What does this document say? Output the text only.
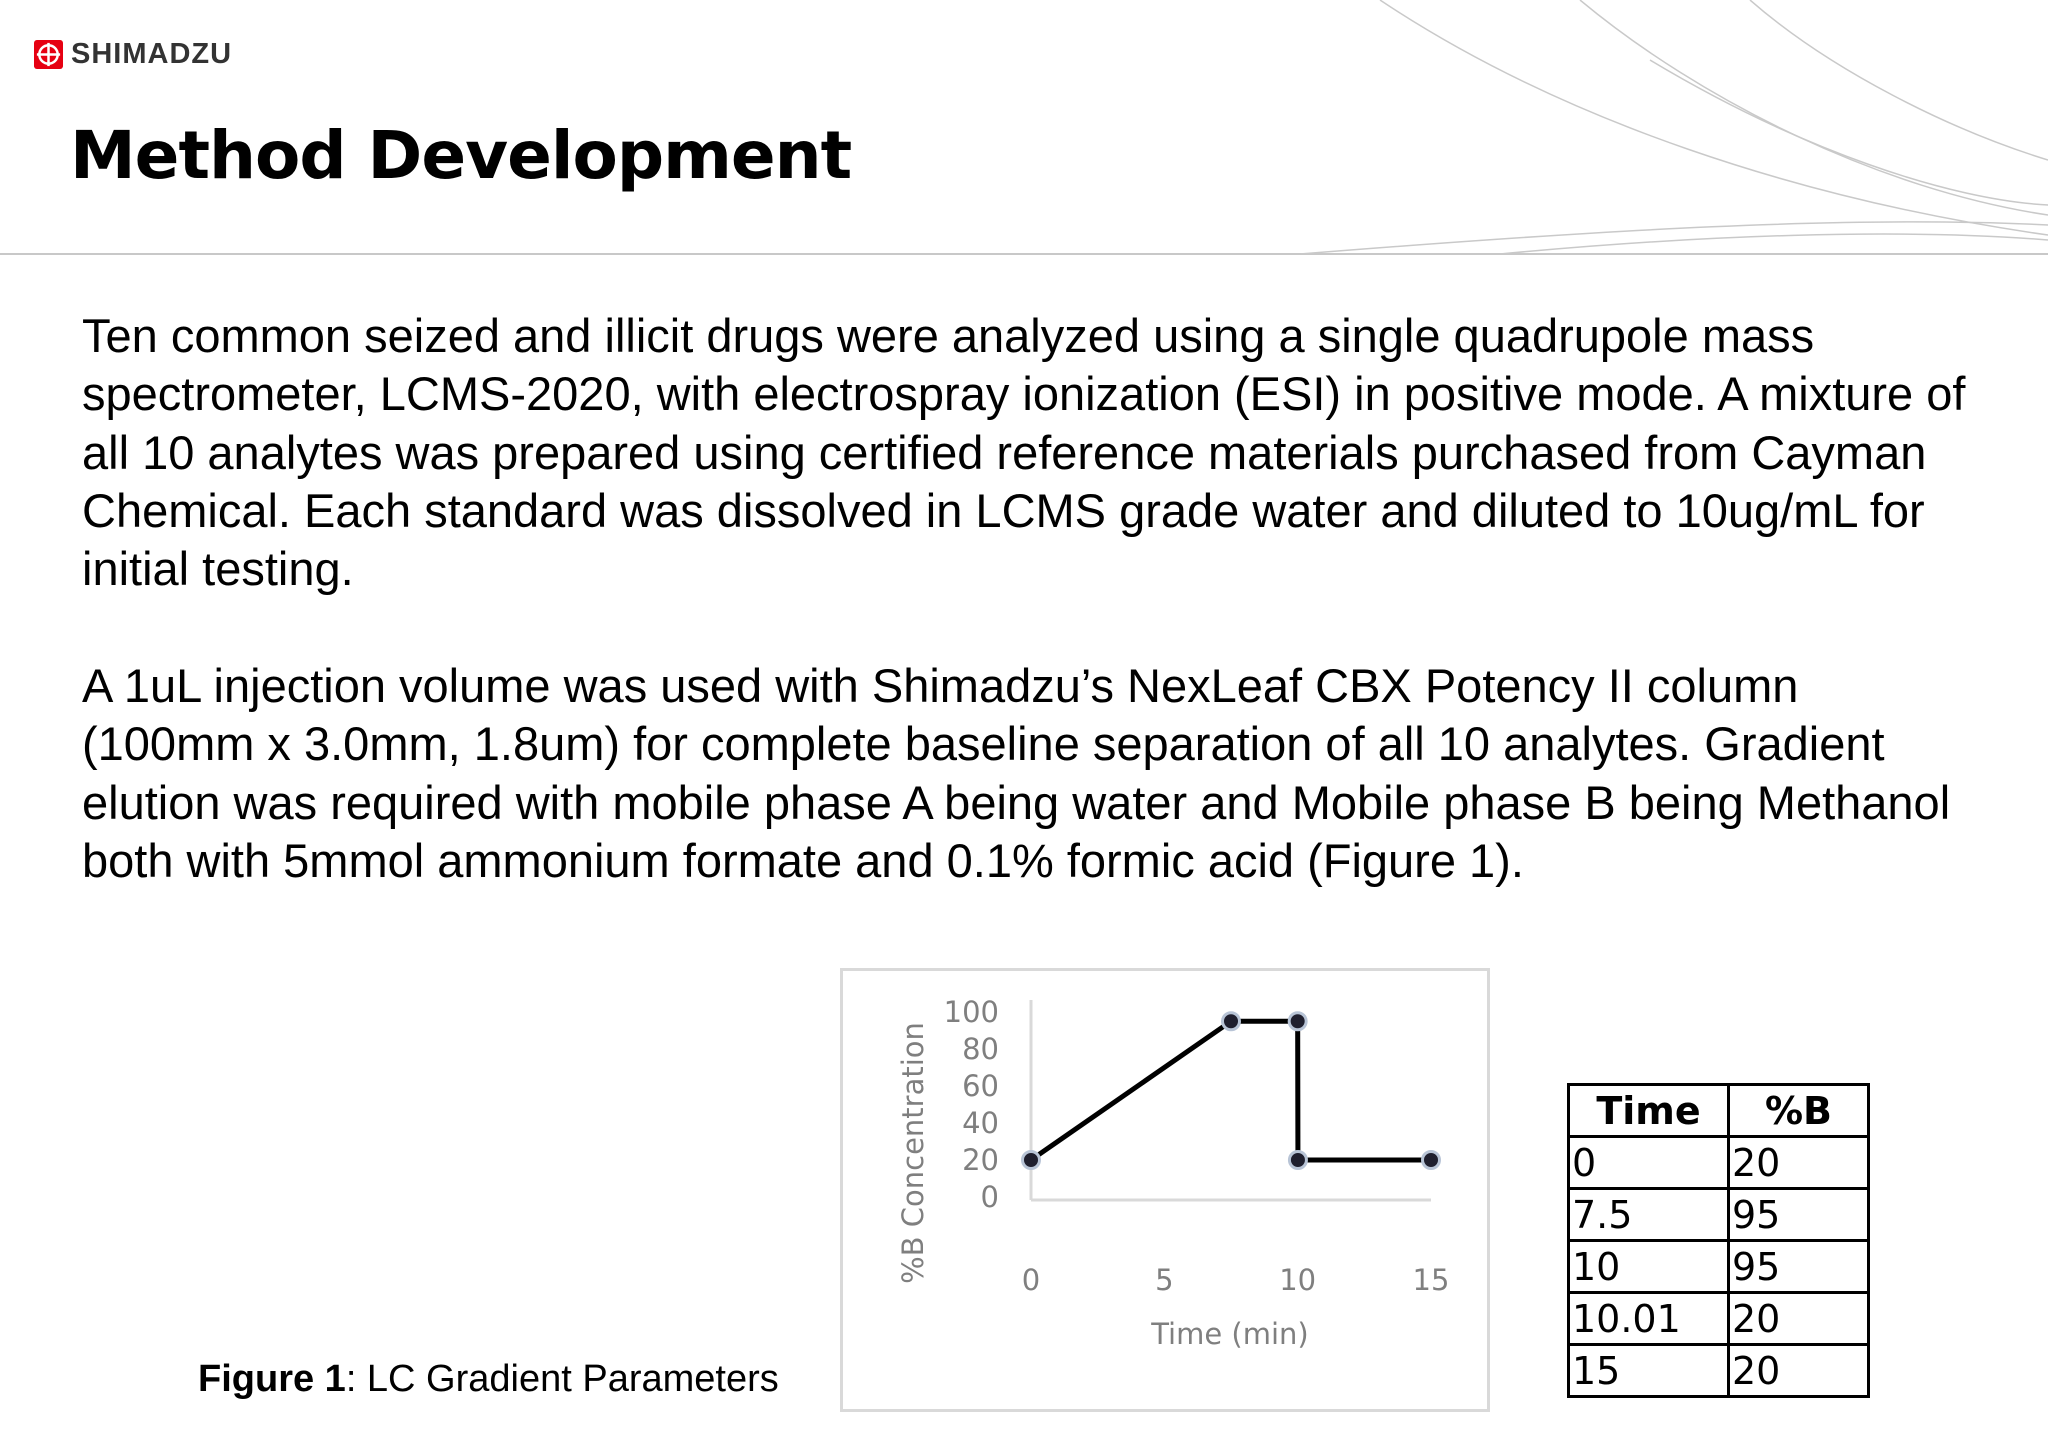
SHIMADZU
Method Development

Ten common seized and illicit drugs were analyzed using a single quadrupole mass spectrometer, LCMS-2020, with electrospray ionization (ESI) in positive mode. A mixture of all 10 analytes was prepared using certified reference materials purchased from Cayman Chemical. Each standard was dissolved in LCMS grade water and diluted to 10ug/mL for initial testing.

A 1uL injection volume was used with Shimadzu’s NexLeaf CBX Potency II column (100mm x 3.0mm, 1.8um) for complete baseline separation of all 10 analytes. Gradient elution was required with mobile phase A being water and Mobile phase B being Methanol both with 5mmol ammonium formate and 0.1% formic acid (Figure 1).

Figure 1: LC Gradient Parameters
0
20
40
60
80
100
0	5	10	15
Time (min)
%B Concentration	Time	%B
0	20
7.5	95
10	95
10.01	20
15	20
